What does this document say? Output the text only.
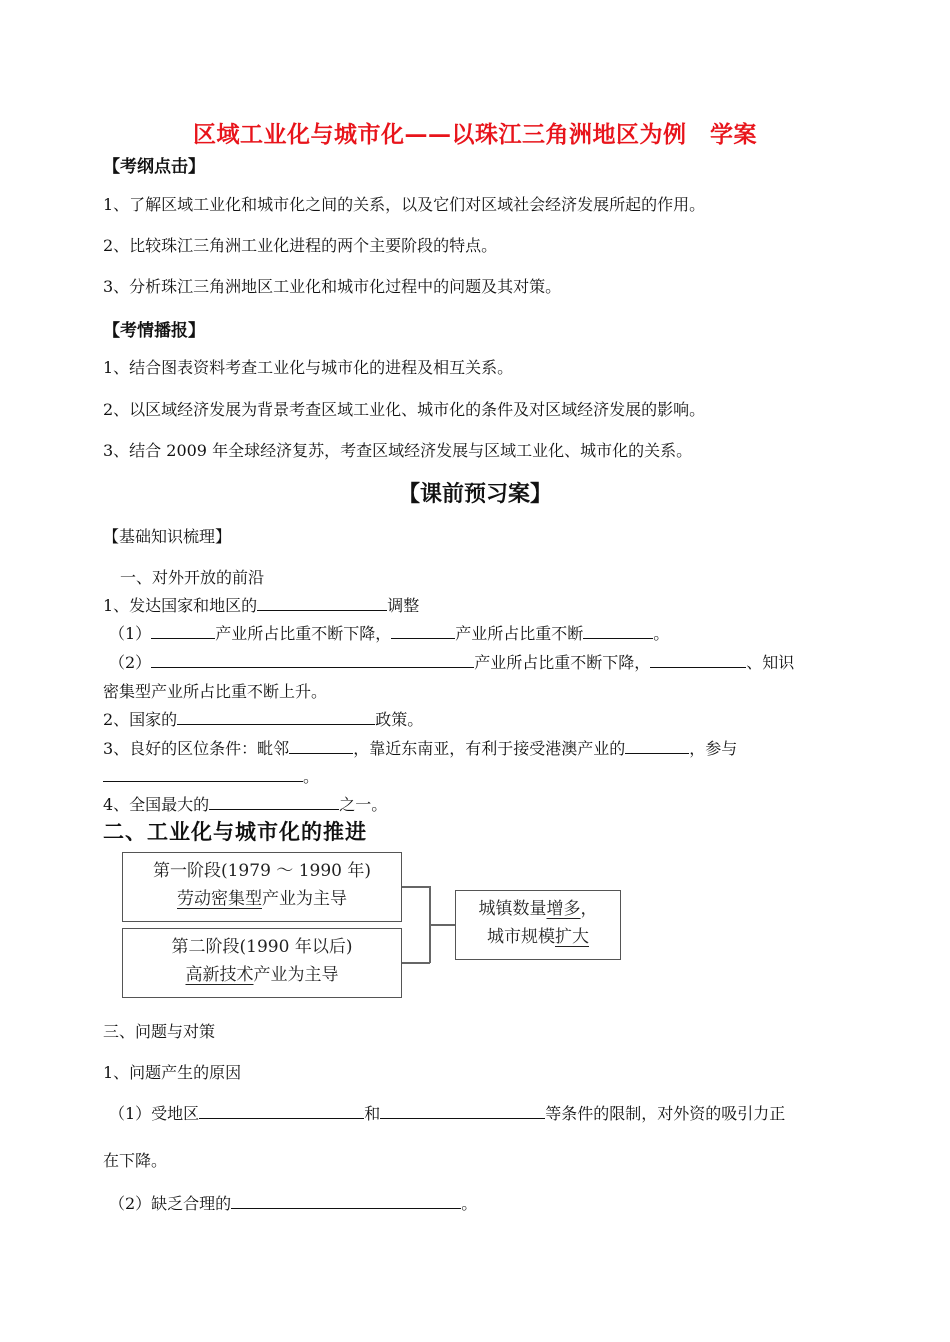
区域工业化与城市化——以珠江三角洲地区为例　学案
【考纲点击】
1、了解区域工业化和城市化之间的关系，以及它们对区域社会经济发展所起的作用。
2、比较珠江三角洲工业化进程的两个主要阶段的特点。
3、分析珠江三角洲地区工业化和城市化过程中的问题及其对策。
【考情播报】
1、结合图表资料考查工业化与城市化的进程及相互关系。
2、以区域经济发展为背景考查区域工业化、城市化的条件及对区域经济发展的影响。
3、结合 2009 年全球经济复苏，考查区域经济发展与区域工业化、城市化的关系。
【课前预习案】
【基础知识梳理】
一、对外开放的前沿
1、发达国家和地区的	调整
（1）	产业所占比重不断下降，	产业所占比重不断	。
（2）	产业所占比重不断下降，	、知识
密集型产业所占比重不断上升。
2、国家的	政策。
3、良好的区位条件：毗邻	，靠近东南亚，有利于接受港澳产业的	，参与
。
4、全国最大的	之一。
二、工业化与城市化的推进
第一阶段(1979 ～ 1990 年)
劳动密集型产业为主导
第二阶段(1990 年以后)
高新技术产业为主导
城镇数量增多，
城市规模扩大
三、问题与对策
1、问题产生的原因
（1）受地区	和	等条件的限制，对外资的吸引力正
在下降。
（2）缺乏合理的	。
